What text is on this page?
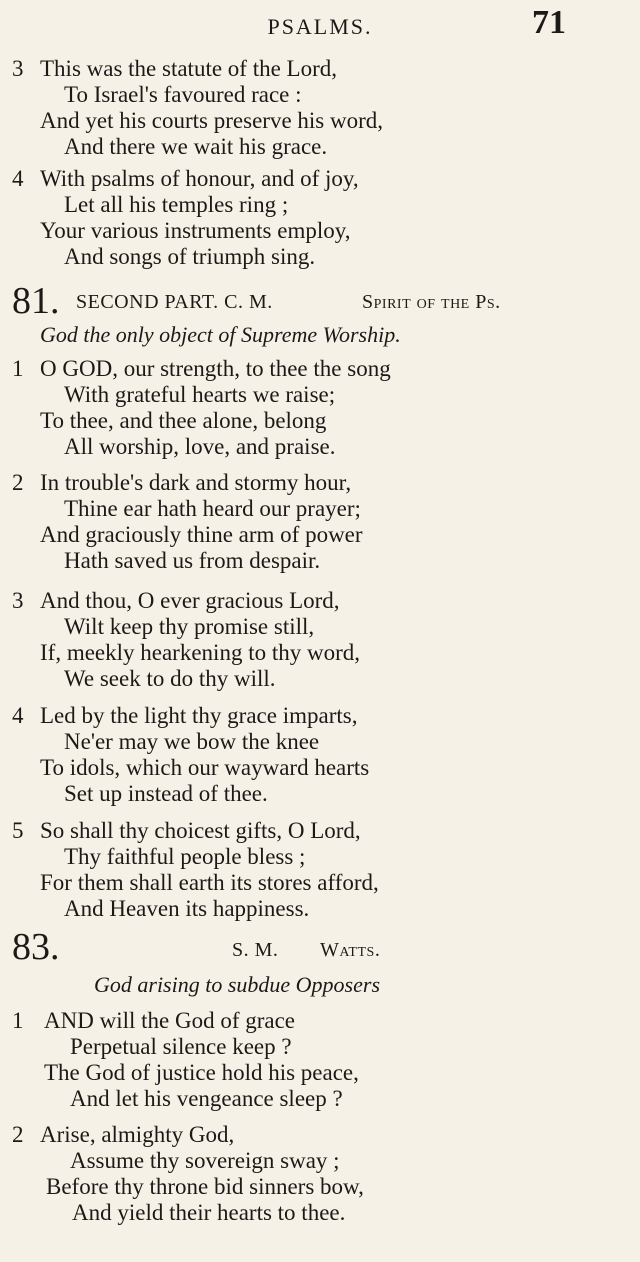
PSALMS.	71
3 This was the statute of the Lord,
To Israel's favoured race :
And yet his courts preserve his word,
And there we wait his grace.
4 With psalms of honour, and of joy,
Let all his temples ring ;
Your various instruments employ,
And songs of triumph sing.
81. SECOND PART. C. M.	Spirit of the Ps.
God the only object of Supreme Worship.
1 O GOD, our strength, to thee the song
With grateful hearts we raise;
To thee, and thee alone, belong
All worship, love, and praise.
2 In trouble's dark and stormy hour,
Thine ear hath heard our prayer;
And graciously thine arm of power
Hath saved us from despair.
3 And thou, O ever gracious Lord,
Wilt keep thy promise still,
If, meekly hearkening to thy word,
We seek to do thy will.
4 Led by the light thy grace imparts,
Ne'er may we bow the knee
To idols, which our wayward hearts
Set up instead of thee.
5 So shall thy choicest gifts, O Lord,
Thy faithful people bless ;
For them shall earth its stores afford,
And Heaven its happiness.
83.	S. M. Watts.
God arising to subdue Opposers
1 AND will the God of grace
Perpetual silence keep ?
The God of justice hold his peace,
And let his vengeance sleep ?
2 Arise, almighty God,
Assume thy sovereign sway ;
Before thy throne bid sinners bow,
And yield their hearts to thee.
